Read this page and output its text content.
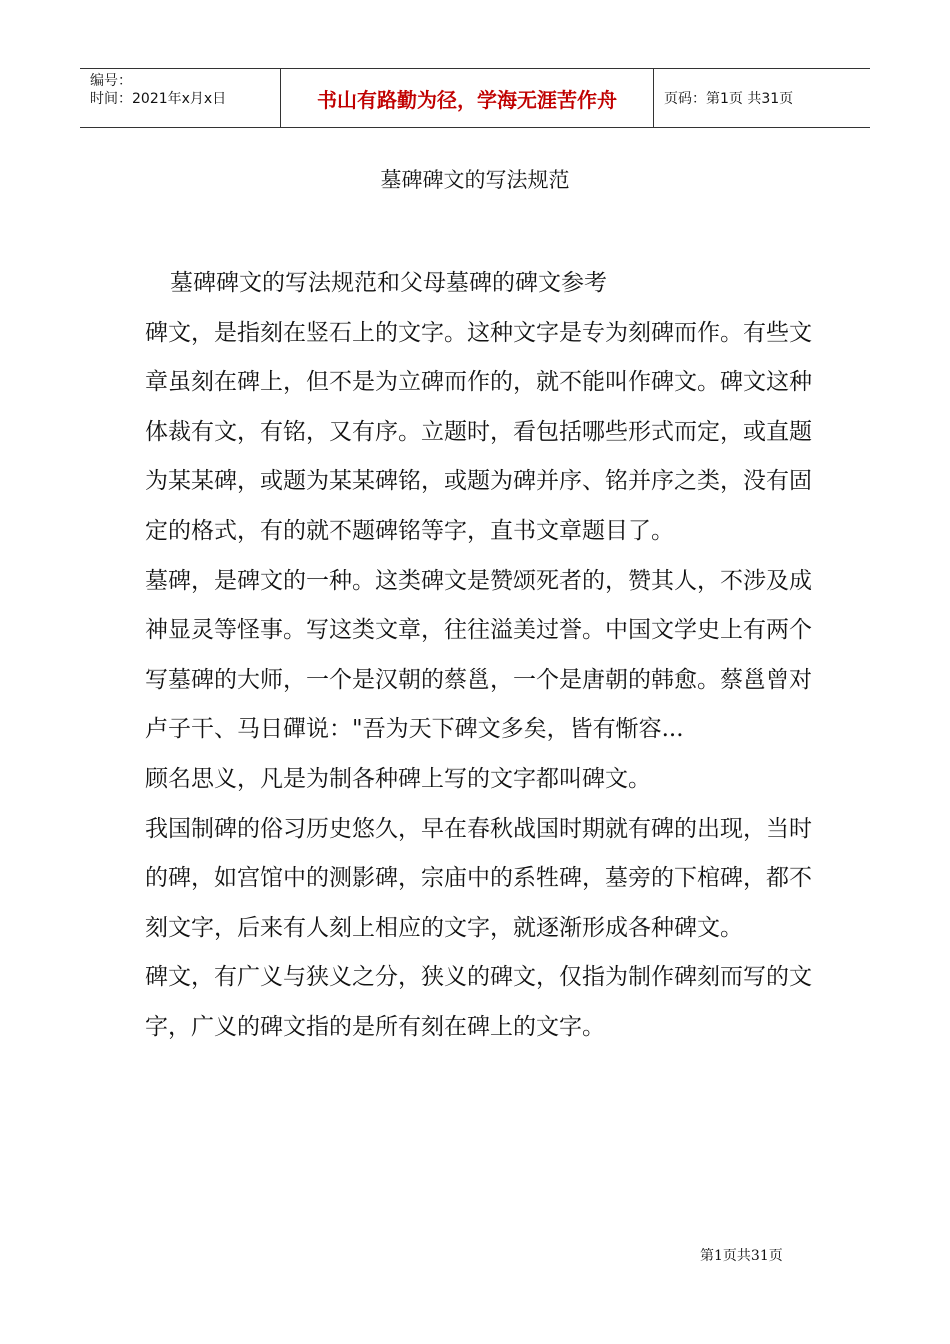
编号：
时间：2021年x月x日	书山有路勤为径，学海无涯苦作舟	页码：第1页 共31页
墓碑碑文的写法规范

墓碑碑文的写法规范和父母墓碑的碑文参考

碑文，是指刻在竖石上的文字。这种文字是专为刻碑而作。有些文章虽刻在碑上，但不是为立碑而作的，就不能叫作碑文。碑文这种体裁有文，有铭，又有序。立题时，看包括哪些形式而定，或直题为某某碑，或题为某某碑铭，或题为碑并序、铭并序之类，没有固定的格式，有的就不题碑铭等字，直书文章题目了。

墓碑，是碑文的一种。这类碑文是赞颂死者的，赞其人，不涉及成神显灵等怪事。写这类文章，往往溢美过誉。中国文学史上有两个写墓碑的大师，一个是汉朝的蔡邕，一个是唐朝的韩愈。蔡邕曾对卢子干、马日磾说："吾为天下碑文多矣，皆有惭容...

顾名思义，凡是为制各种碑上写的文字都叫碑文。

我国制碑的俗习历史悠久，早在春秋战国时期就有碑的出现，当时的碑，如宫馆中的测影碑，宗庙中的系牲碑，墓旁的下棺碑，都不刻文字，后来有人刻上相应的文字，就逐渐形成各种碑文。

碑文，有广义与狭义之分，狭义的碑文，仅指为制作碑刻而写的文字，广义的碑文指的是所有刻在碑上的文字。

第1页共31页
